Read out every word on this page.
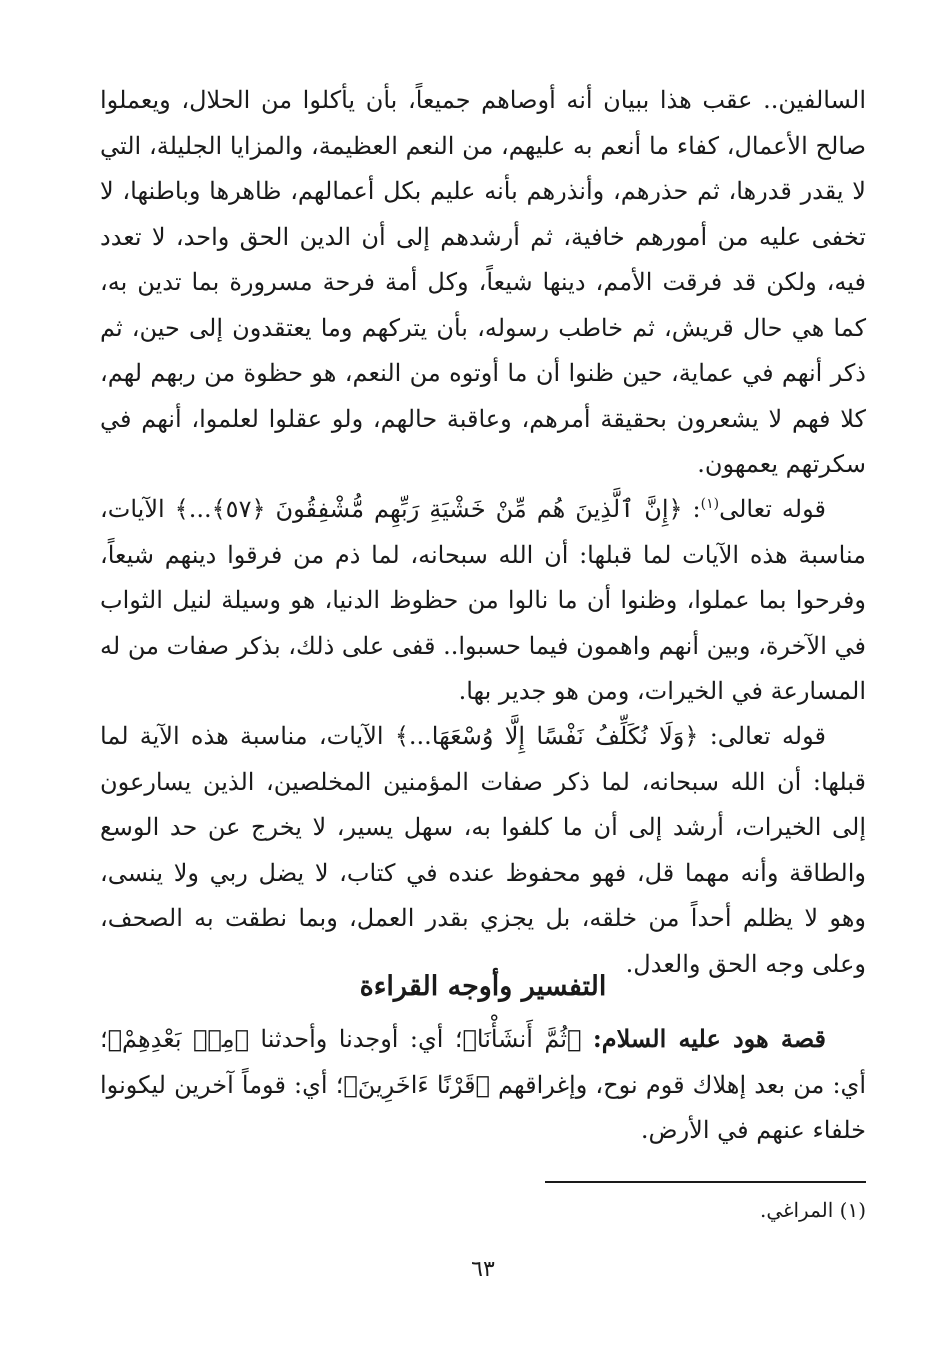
السالفين.. عقب هذا ببيان أنه أوصاهم جميعاً، بأن يأكلوا من الحلال، ويعملوا صالح الأعمال، كفاء ما أنعم به عليهم، من النعم العظيمة، والمزايا الجليلة، التي لا يقدر قدرها، ثم حذرهم، وأنذرهم بأنه عليم بكل أعمالهم، ظاهرها وباطنها، لا تخفى عليه من أمورهم خافية، ثم أرشدهم إلى أن الدين الحق واحد، لا تعدد فيه، ولكن قد فرقت الأمم، دينها شيعاً، وكل أمة فرحة مسرورة بما تدين به، كما هي حال قريش، ثم خاطب رسوله، بأن يتركهم وما يعتقدون إلى حين، ثم ذكر أنهم في عماية، حين ظنوا أن ما أوتوه من النعم، هو حظوة من ربهم لهم، كلا فهم لا يشعرون بحقيقة أمرهم، وعاقبة حالهم، ولو عقلوا لعلموا، أنهم في سكرتهم يعمهون.
قوله تعالى$^{(١)}$: ﴿إِنَّ ٱلَّذِينَ هُم مِّنْ خَشْيَةِ رَبِّهِم مُّشْفِقُونَ ﴿٥٧﴾...﴾ الآيات، مناسبة هذه الآيات لما قبلها: أن الله سبحانه، لما ذم من فرقوا دينهم شيعاً، وفرحوا بما عملوا، وظنوا أن ما نالوا من حظوظ الدنيا، هو وسيلة لنيل الثواب في الآخرة، وبين أنهم واهمون فيما حسبوا.. قفى على ذلك، بذكر صفات من له المسارعة في الخيرات، ومن هو جدير بها.
قوله تعالى: ﴿وَلَا نُكَلِّفُ نَفْسًا إِلَّا وُسْعَهَا...﴾ الآيات، مناسبة هذه الآية لما قبلها: أن الله سبحانه، لما ذكر صفات المؤمنين المخلصين، الذين يسارعون إلى الخيرات، أرشد إلى أن ما كلفوا به، سهل يسير، لا يخرج عن حد الوسع والطاقة وأنه مهما قل، فهو محفوظ عنده في كتاب، لا يضل ربي ولا ينسى، وهو لا يظلم أحداً من خلقه، بل يجزي بقدر العمل، وبما نطقت به الصحف، وعلى وجه الحق والعدل.
التفسير وأوجه القراءة
قصة هود عليه السلام: ﴿ثُمَّ أَنشَأْنَا﴾؛ أي: أوجدنا وأحدثنا ﴿مِنۢ بَعْدِهِمْ﴾؛ أي: من بعد إهلاك قوم نوح، وإغراقهم ﴿قَرْنًا ءَاخَرِينَ﴾؛ أي: قوماً آخرين ليكونوا خلفاء عنهم في الأرض.
(١) المراغي.
٦٣
